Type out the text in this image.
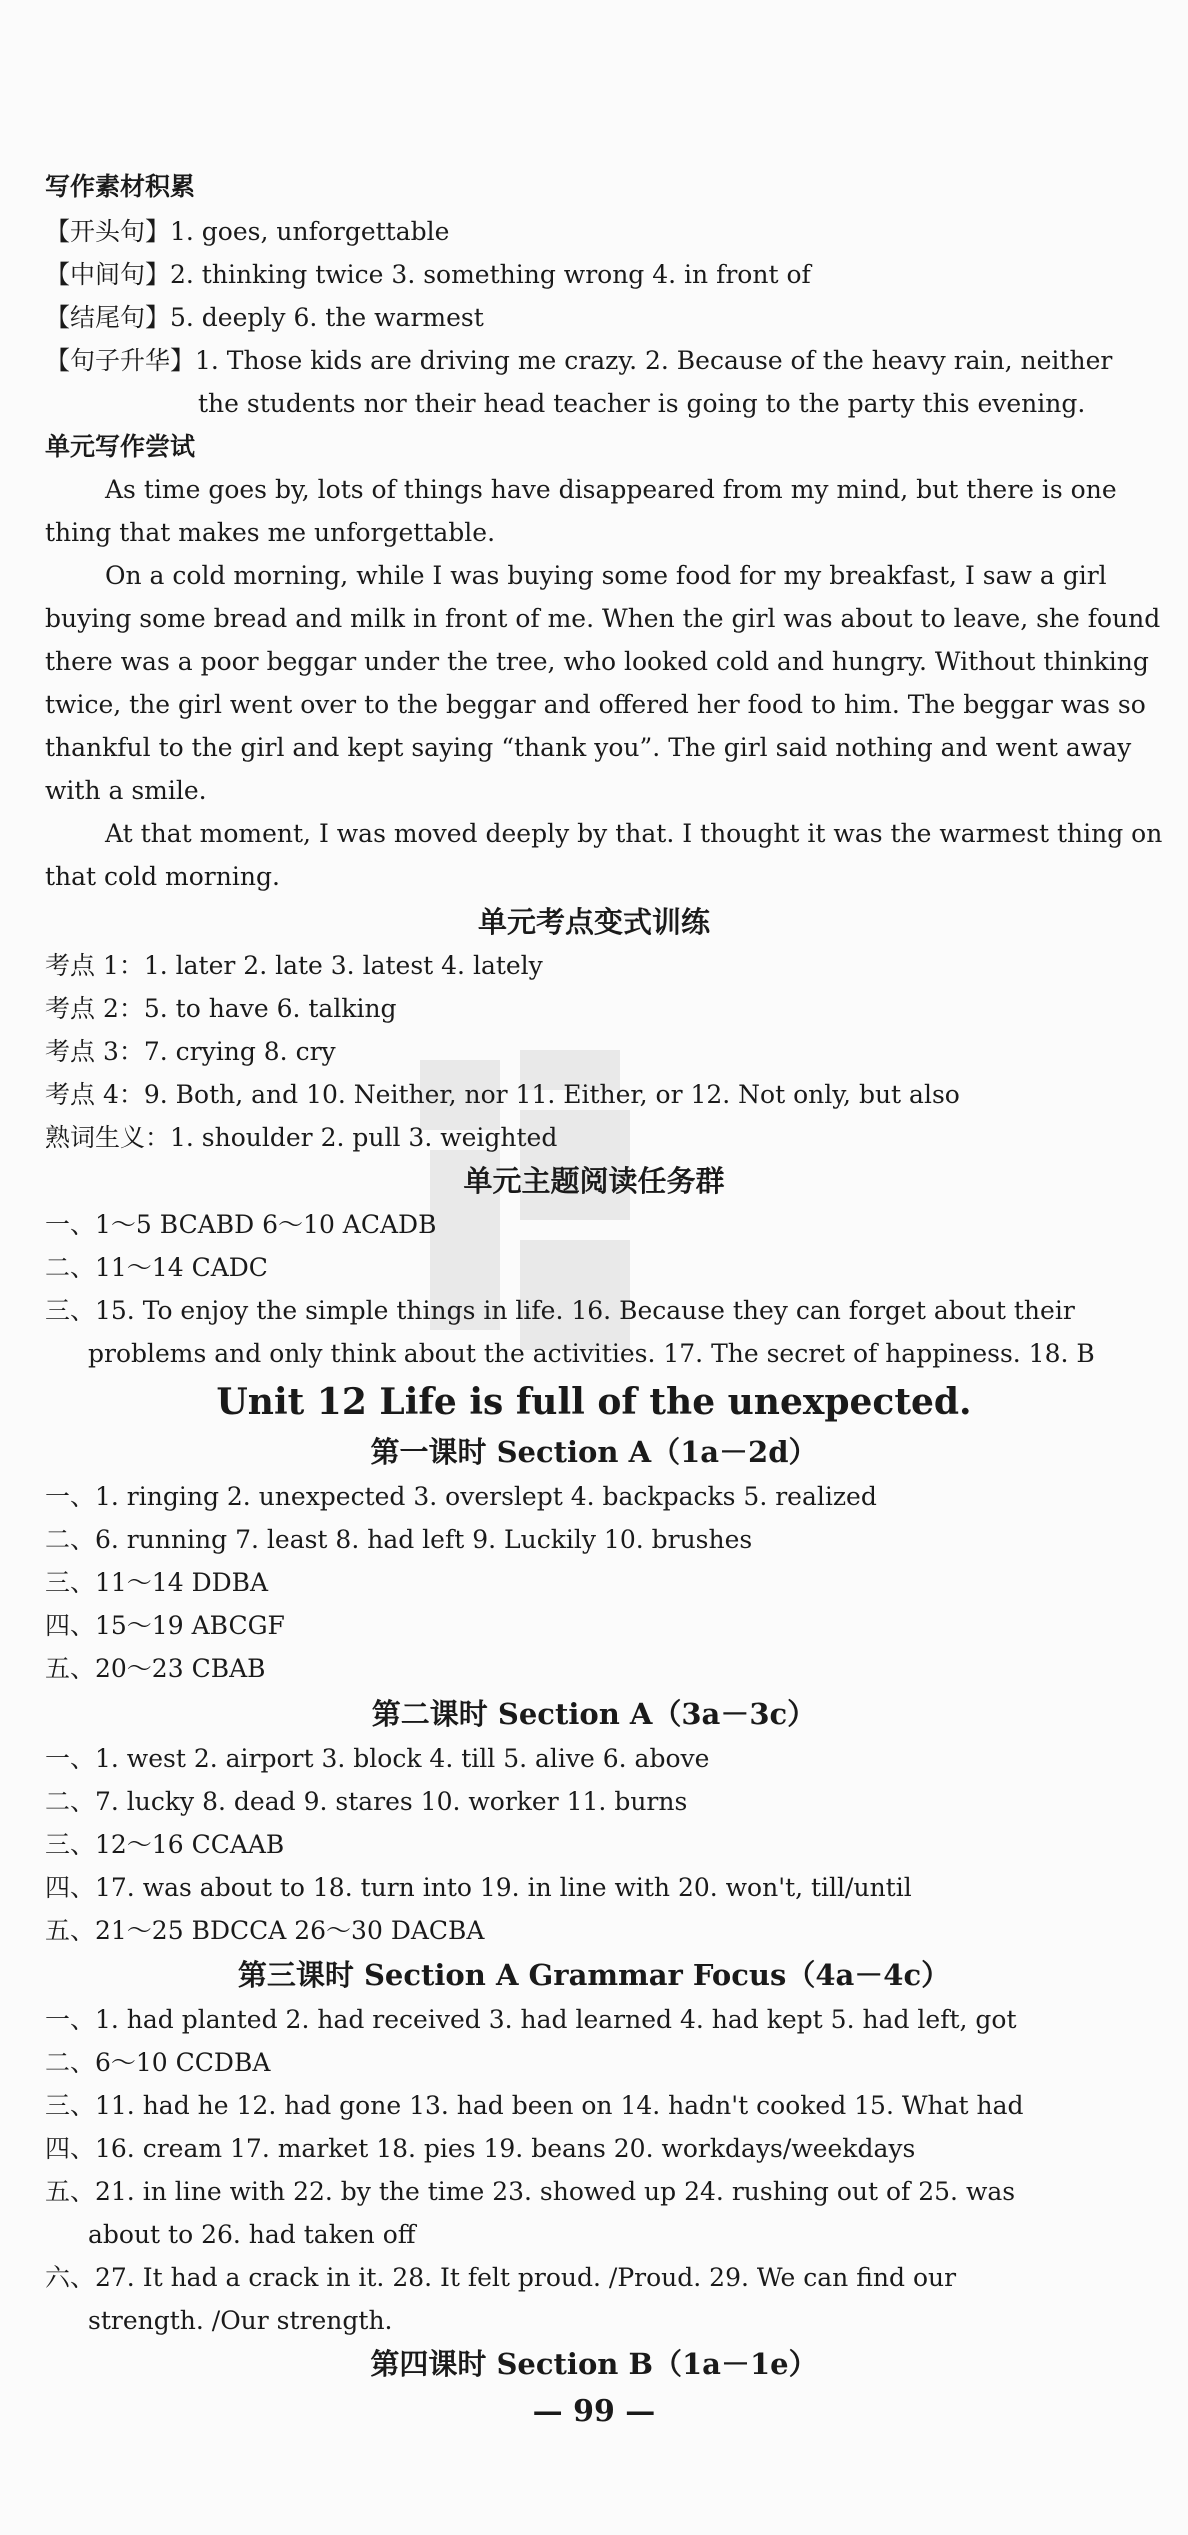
写作素材积累
【开头句】1. goes, unforgettable
【中间句】2. thinking twice 3. something wrong 4. in front of
【结尾句】5. deeply 6. the warmest
【句子升华】1. Those kids are driving me crazy. 2. Because of the heavy rain, neither
the students nor their head teacher is going to the party this evening.
单元写作尝试
As time goes by, lots of things have disappeared from my mind, but there is one
thing that makes me unforgettable.
On a cold morning, while I was buying some food for my breakfast, I saw a girl
buying some bread and milk in front of me. When the girl was about to leave, she found
there was a poor beggar under the tree, who looked cold and hungry. Without thinking
twice, the girl went over to the beggar and offered her food to him. The beggar was so
thankful to the girl and kept saying “thank you”. The girl said nothing and went away
with a smile.
At that moment, I was moved deeply by that. I thought it was the warmest thing on
that cold morning.
单元考点变式训练
考点 1：1. later 2. late 3. latest 4. lately
考点 2：5. to have 6. talking
考点 3：7. crying 8. cry
考点 4：9. Both, and 10. Neither, nor 11. Either, or 12. Not only, but also
熟词生义：1. shoulder 2. pull 3. weighted
单元主题阅读任务群
一、1～5 BCABD 6～10 ACADB
二、11～14 CADC
三、15. To enjoy the simple things in life. 16. Because they can forget about their
problems and only think about the activities. 17. The secret of happiness. 18. B
Unit 12 Life is full of the unexpected.
第一课时 Section A（1a－2d）
一、1. ringing 2. unexpected 3. overslept 4. backpacks 5. realized
二、6. running 7. least 8. had left 9. Luckily 10. brushes
三、11～14 DDBA
四、15～19 ABCGF
五、20～23 CBAB
第二课时 Section A（3a－3c）
一、1. west 2. airport 3. block 4. till 5. alive 6. above
二、7. lucky 8. dead 9. stares 10. worker 11. burns
三、12～16 CCAAB
四、17. was about to 18. turn into 19. in line with 20. won't, till/until
五、21～25 BDCCA 26～30 DACBA
第三课时 Section A Grammar Focus（4a－4c）
一、1. had planted 2. had received 3. had learned 4. had kept 5. had left, got
二、6～10 CCDBA
三、11. had he 12. had gone 13. had been on 14. hadn't cooked 15. What had
四、16. cream 17. market 18. pies 19. beans 20. workdays/weekdays
五、21. in line with 22. by the time 23. showed up 24. rushing out of 25. was
about to 26. had taken off
六、27. It had a crack in it. 28. It felt proud. /Proud. 29. We can find our
strength. /Our strength.
第四课时 Section B（1a－1e）
— 99 —
